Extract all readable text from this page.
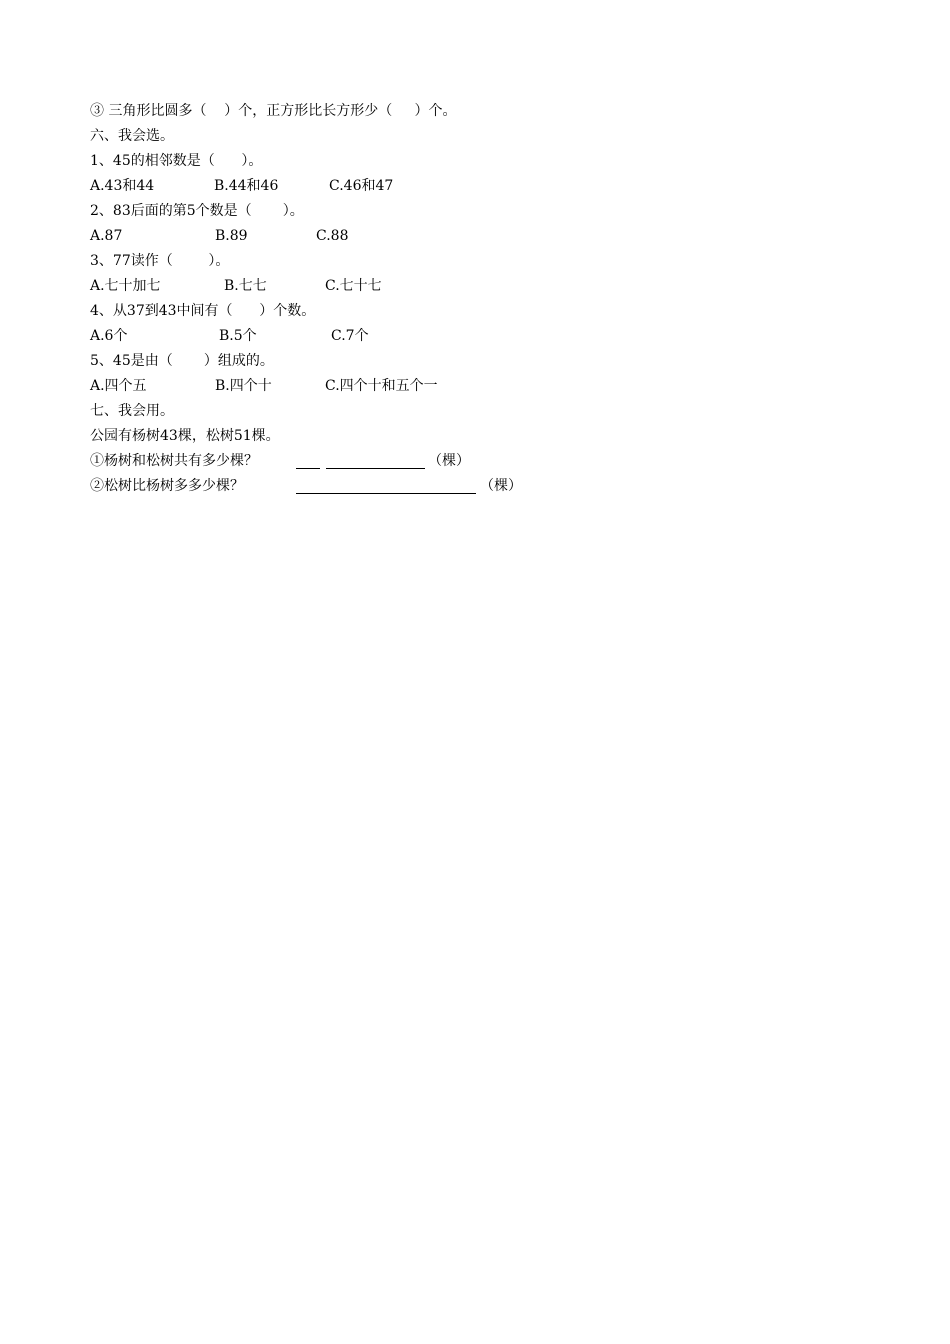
③ 三角形比圆多（    ）个，正方形比长方形少（     ）个。

六、我会选。
1、45的相邻数是（      ）。

A.43和44

	B.44和46

	C.46和47

2、83后面的第5个数是（       ）。

A.87

	B.89

	C.88

3、77读作（        ）。

A.七十加七

	B.七七

	C.七十七

4、从37到43中间有（      ）个数。

A.6个

	B.5个

	C.7个

5、45是由（       ）组成的。

A.四个五

	B.四个十

	C.四个十和五个一

七、我会用。
公园有杨树43棵，松树51棵。

①杨树和松树共有多少棵？

	（棵）

②松树比杨树多多少棵？

	（棵）
